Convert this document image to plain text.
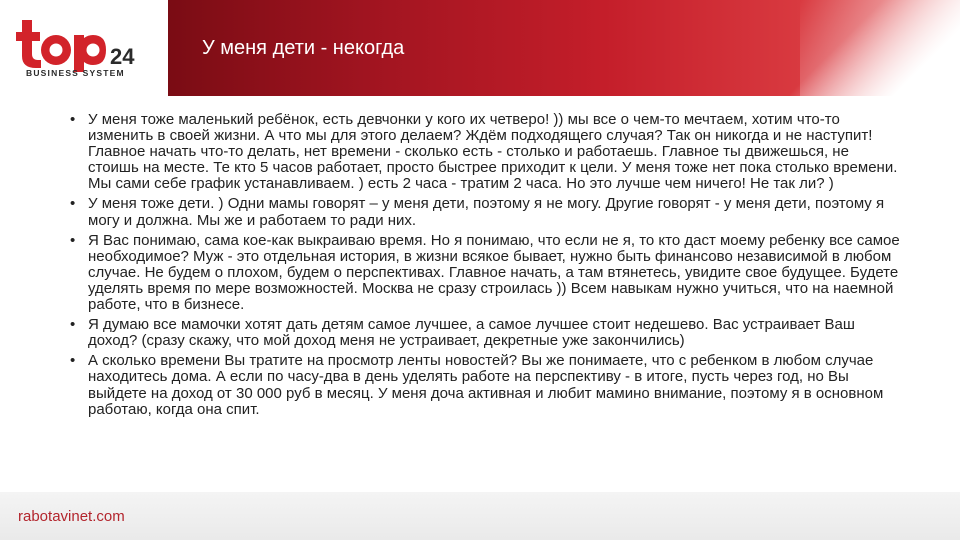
24
BUSINESS SYSTEM
У меня дети - некогда
• У меня тоже маленький ребёнок, есть девчонки у кого их четверо! )) мы все о чем-то мечтаем, хотим что-то изменить в своей жизни. А что мы для этого делаем? Ждём подходящего случая? Так он никогда и не наступит! Главное начать что-то делать, нет времени - сколько есть - столько и работаешь. Главное ты движешься, не стоишь на месте. Те кто 5 часов работает, просто быстрее приходит к цели. У меня тоже нет пока столько времени. Мы сами себе график устанавливаем. ) есть 2 часа - тратим 2 часа. Но это лучше чем ничего! Не так ли? )
• У меня тоже дети. ) Одни мамы говорят – у меня дети, поэтому я не могу. Другие говорят - у меня дети, поэтому я могу и должна. Мы же и работаем то ради них.
• Я Вас понимаю, сама кое-как выкраиваю время. Но я понимаю, что если не я, то кто даст моему ребенку все самое необходимое? Муж - это отдельная история, в жизни всякое бывает, нужно быть финансово независимой в любом случае. Не будем о плохом, будем о перспективах. Главное начать, а там втянетесь, увидите свое будущее. Будете уделять время по мере возможностей. Москва не сразу строилась )) Всем навыкам нужно учиться, что на наемной работе, что в бизнесе.
• Я думаю все мамочки хотят дать детям самое лучшее, а самое лучшее стоит недешево. Вас устраивает Ваш доход? (сразу скажу, что мой доход меня не устраивает, декретные уже закончились)
• А сколько времени Вы тратите на просмотр ленты новостей? Вы же понимаете, что с ребенком в любом случае находитесь дома. А если по часу-два в день уделять работе на перспективу - в итоге, пусть через год, но Вы выйдете на доход от 30 000 руб в месяц. У меня доча активная и любит мамино внимание, поэтому я в основном работаю, когда она спит.
rabotavinet.com
